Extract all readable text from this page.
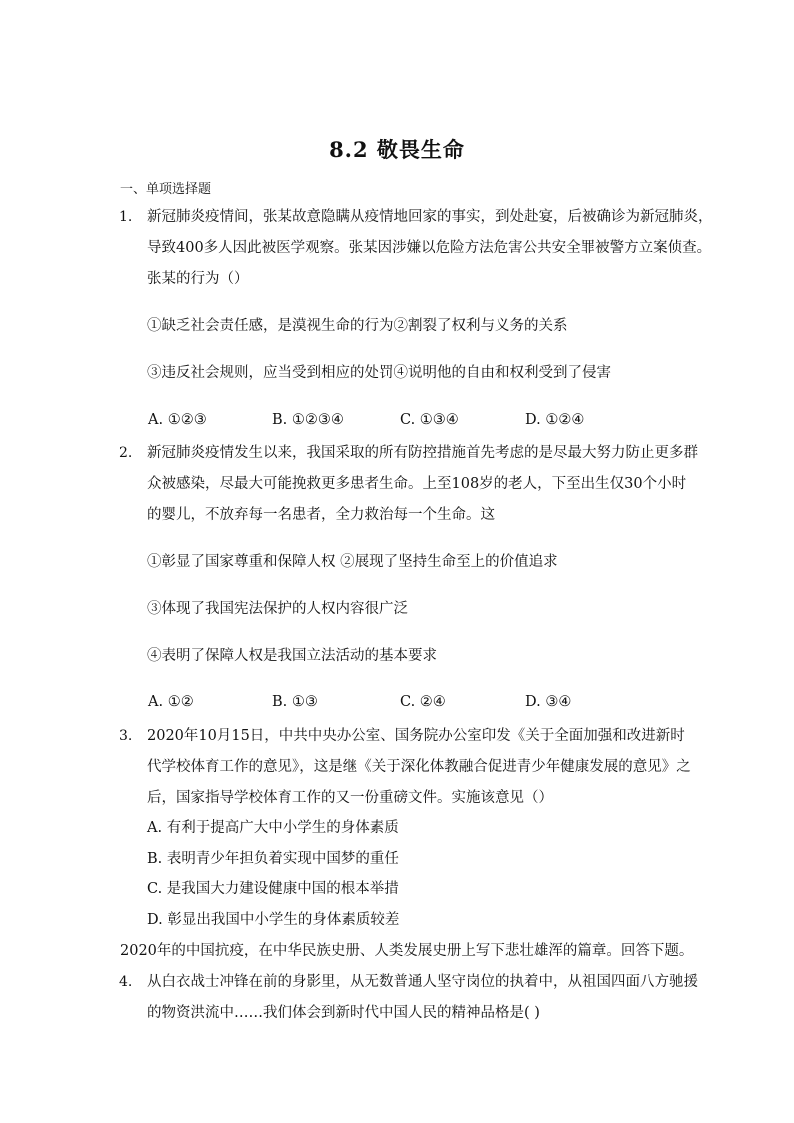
8.2 敬畏生命
一、单项选择题
1. 新冠肺炎疫情间，张某故意隐瞒从疫情地回家的事实，到处赴宴，后被确诊为新冠肺炎，
导致400多人因此被医学观察。张某因涉嫌以危险方法危害公共安全罪被警方立案侦查。
张某的行为（）
①缺乏社会责任感，是漠视生命的行为②割裂了权利与义务的关系
③违反社会规则，应当受到相应的处罚④说明他的自由和权利受到了侵害
A. ①②③	B. ①②③④	C. ①③④	D. ①②④
2. 新冠肺炎疫情发生以来，我国采取的所有防控措施首先考虑的是尽最大努力防止更多群
众被感染，尽最大可能挽救更多患者生命。上至108岁的老人，下至出生仅30个小时
的婴儿，不放弃每一名患者，全力救治每一个生命。这
①彰显了国家尊重和保障人权 ②展现了坚持生命至上的价值追求
③体现了我国宪法保护的人权内容很广泛
④表明了保障人权是我国立法活动的基本要求
A. ①②	B. ①③	C. ②④	D. ③④
3. 2020年10月15日，中共中央办公室、国务院办公室印发《关于全面加强和改进新时
代学校体育工作的意见》，这是继《关于深化体教融合促进青少年健康发展的意见》之
后，国家指导学校体育工作的又一份重磅文件。实施该意见（）
A. 有利于提高广大中小学生的身体素质
B. 表明青少年担负着实现中国梦的重任
C. 是我国大力建设健康中国的根本举措
D. 彰显出我国中小学生的身体素质较差
2020年的中国抗疫，在中华民族史册、人类发展史册上写下悲壮雄浑的篇章。回答下题。
4. 从白衣战士冲锋在前的身影里，从无数普通人坚守岗位的执着中，从祖国四面八方驰援
的物资洪流中……我们体会到新时代中国人民的精神品格是( )
